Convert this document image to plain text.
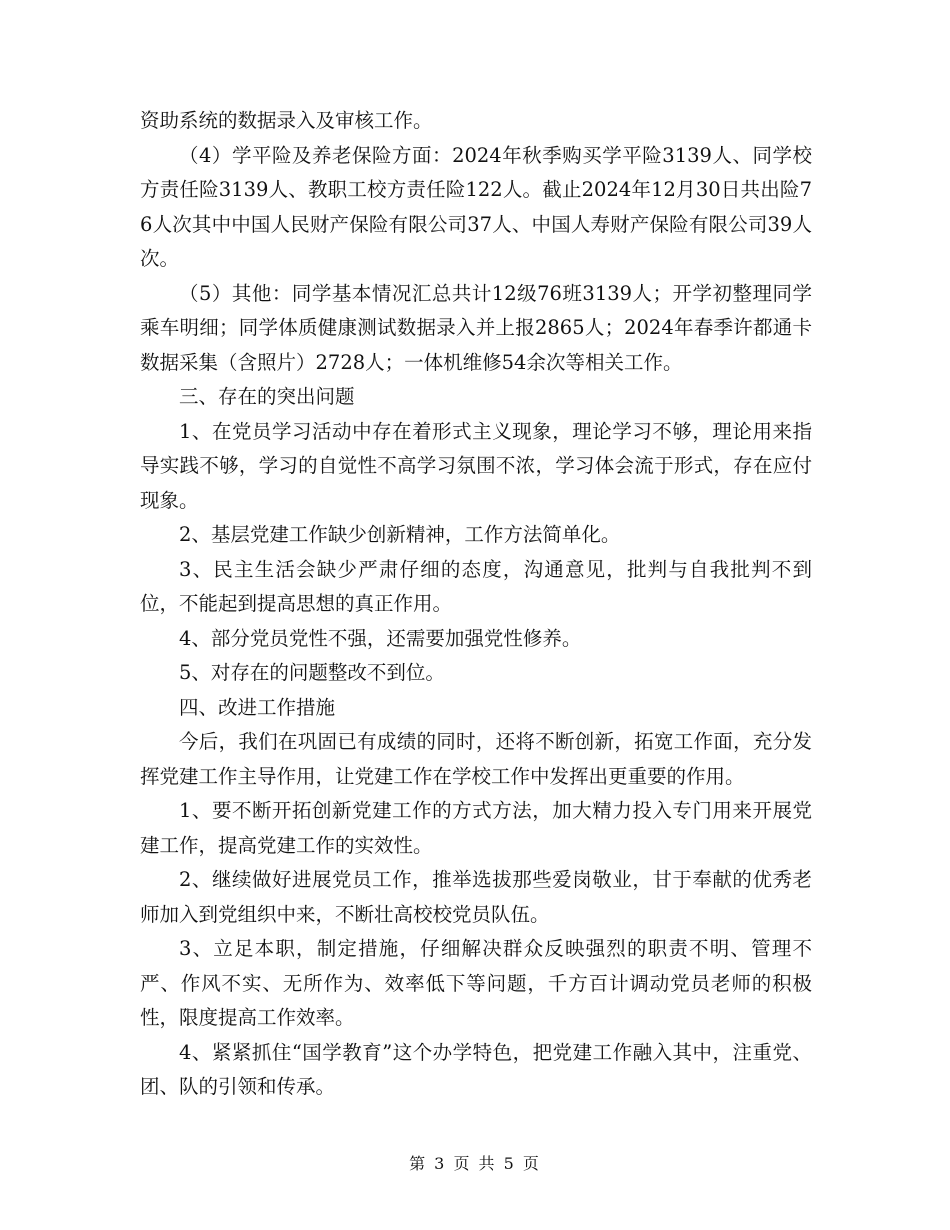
资助系统的数据录入及审核工作。

（4）学平险及养老保险方面：2024年秋季购买学平险3139人、同学校方责任险3139人、教职工校方责任险122人。截止2024年12月30日共出险76人次其中中国人民财产保险有限公司37人、中国人寿财产保险有限公司39人次。

（5）其他：同学基本情况汇总共计12级76班3139人；开学初整理同学乘车明细；同学体质健康测试数据录入并上报2865人；2024年春季许都通卡数据采集（含照片）2728人；一体机维修54余次等相关工作。

三、存在的突出问题

1、在党员学习活动中存在着形式主义现象，理论学习不够，理论用来指导实践不够，学习的自觉性不高学习氛围不浓，学习体会流于形式，存在应付现象。

2、基层党建工作缺少创新精神，工作方法简单化。

3、民主生活会缺少严肃仔细的态度，沟通意见，批判与自我批判不到位，不能起到提高思想的真正作用。

4、部分党员党性不强，还需要加强党性修养。

5、对存在的问题整改不到位。

四、改进工作措施

今后，我们在巩固已有成绩的同时，还将不断创新，拓宽工作面，充分发挥党建工作主导作用，让党建工作在学校工作中发挥出更重要的作用。

1、要不断开拓创新党建工作的方式方法，加大精力投入专门用来开展党建工作，提高党建工作的实效性。

2、继续做好进展党员工作，推举选拔那些爱岗敬业，甘于奉献的优秀老师加入到党组织中来，不断壮高校校党员队伍。

3、立足本职，制定措施，仔细解决群众反映强烈的职责不明、管理不严、作风不实、无所作为、效率低下等问题，千方百计调动党员老师的积极性，限度提高工作效率。

4、紧紧抓住“国学教育”这个办学特色，把党建工作融入其中，注重党、团、队的引领和传承。

第 3 页 共 5 页
